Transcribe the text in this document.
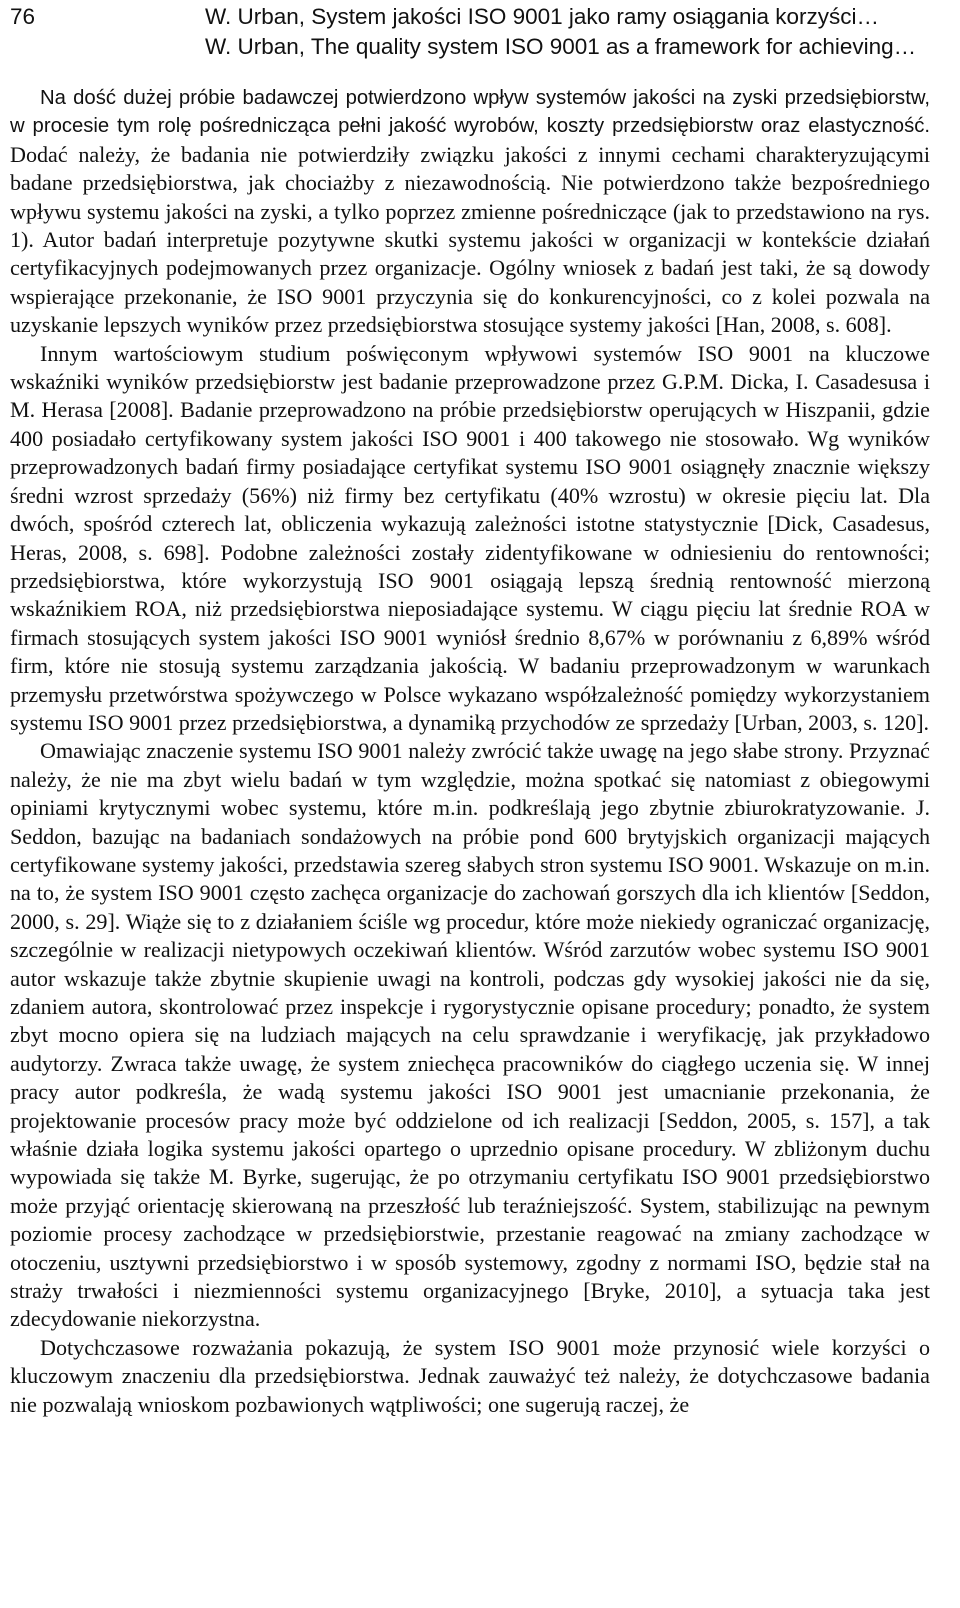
76	W. Urban, System jakości ISO 9001 jako ramy osiągania korzyści…
W. Urban, The quality system ISO 9001 as a framework for achieving…

Na dość dużej próbie badawczej potwierdzono wpływ systemów jakości na zyski przedsiębiorstw, w procesie tym rolę pośrednicząca pełni jakość wyrobów, koszty przedsiębiorstw oraz elastyczność. Dodać należy, że badania nie potwierdziły związku jakości z innymi cechami charakteryzującymi badane przedsiębiorstwa, jak chociażby z niezawodnością. Nie potwierdzono także bezpośredniego wpływu systemu jakości na zyski, a tylko poprzez zmienne pośredniczące (jak to przedstawiono na rys. 1). Autor badań interpretuje pozytywne skutki systemu jakości w organizacji w kontekście działań certyfikacyjnych podejmowanych przez organizacje. Ogólny wniosek z badań jest taki, że są dowody wspierające przekonanie, że ISO 9001 przyczynia się do konkurencyjności, co z kolei pozwala na uzyskanie lepszych wyników przez przedsiębiorstwa stosujące systemy jakości [Han, 2008, s. 608].

Innym wartościowym studium poświęconym wpływowi systemów ISO 9001 na kluczowe wskaźniki wyników przedsiębiorstw jest badanie przeprowadzone przez G.P.M. Dicka, I. Casadesusa i M. Herasa [2008]. Badanie przeprowadzono na próbie przedsiębiorstw operujących w Hiszpanii, gdzie 400 posiadało certyfikowany system jakości ISO 9001 i 400 takowego nie stosowało. Wg wyników przeprowadzonych badań firmy posiadające certyfikat systemu ISO 9001 osiągnęły znacznie większy średni wzrost sprzedaży (56%) niż firmy bez certyfikatu (40% wzrostu) w okresie pięciu lat. Dla dwóch, spośród czterech lat, obliczenia wykazują zależności istotne statystycznie [Dick, Casadesus, Heras, 2008, s. 698]. Podobne zależności zostały zidentyfikowane w odniesieniu do rentowności; przedsiębiorstwa, które wykorzystują ISO 9001 osiągają lepszą średnią rentowność mierzoną wskaźnikiem ROA, niż przedsiębiorstwa nieposiadające systemu. W ciągu pięciu lat średnie ROA w firmach stosujących system jakości ISO 9001 wyniósł średnio 8,67% w porównaniu z 6,89% wśród firm, które nie stosują systemu zarządzania jakością. W badaniu przeprowadzonym w warunkach przemysłu przetwórstwa spożywczego w Polsce wykazano współzależność pomiędzy wykorzystaniem systemu ISO 9001 przez przedsiębiorstwa, a dynamiką przychodów ze sprzedaży [Urban, 2003, s. 120].

Omawiając znaczenie systemu ISO 9001 należy zwrócić także uwagę na jego słabe strony. Przyznać należy, że nie ma zbyt wielu badań w tym względzie, można spotkać się natomiast z obiegowymi opiniami krytycznymi wobec systemu, które m.in. podkreślają jego zbytnie zbiurokratyzowanie. J. Seddon, bazując na badaniach sondażowych na próbie pond 600 brytyjskich organizacji mających certyfikowane systemy jakości, przedstawia szereg słabych stron systemu ISO 9001. Wskazuje on m.in. na to, że system ISO 9001 często zachęca organizacje do zachowań gorszych dla ich klientów [Seddon, 2000, s. 29]. Wiąże się to z działaniem ściśle wg procedur, które może niekiedy ograniczać organizację, szczególnie w realizacji nietypowych oczekiwań klientów. Wśród zarzutów wobec systemu ISO 9001 autor wskazuje także zbytnie skupienie uwagi na kontroli, podczas gdy wysokiej jakości nie da się, zdaniem autora, skontrolować przez inspekcje i rygorystycznie opisane procedury; ponadto, że system zbyt mocno opiera się na ludziach mających na celu sprawdzanie i weryfikację, jak przykładowo audytorzy. Zwraca także uwagę, że system zniechęca pracowników do ciągłego uczenia się. W innej pracy autor podkreśla, że wadą systemu jakości ISO 9001 jest umacnianie przekonania, że projektowanie procesów pracy może być oddzielone od ich realizacji [Seddon, 2005, s. 157], a tak właśnie działa logika systemu jakości opartego o uprzednio opisane procedury. W zbliżonym duchu wypowiada się także M. Byrke, sugerując, że po otrzymaniu certyfikatu ISO 9001 przedsiębiorstwo może przyjąć orientację skierowaną na przeszłość lub teraźniejszość. System, stabilizując na pewnym poziomie procesy zachodzące w przedsiębiorstwie, przestanie reagować na zmiany zachodzące w otoczeniu, usztywni przedsiębiorstwo i w sposób systemowy, zgodny z normami ISO, będzie stał na straży trwałości i niezmienności systemu organizacyjnego [Bryke, 2010], a sytuacja taka jest zdecydowanie niekorzystna.

Dotychczasowe rozważania pokazują, że system ISO 9001 może przynosić wiele korzyści o kluczowym znaczeniu dla przedsiębiorstwa. Jednak zauważyć też należy, że dotychczasowe badania nie pozwalają wnioskom pozbawionych wątpliwości; one sugerują raczej, że
